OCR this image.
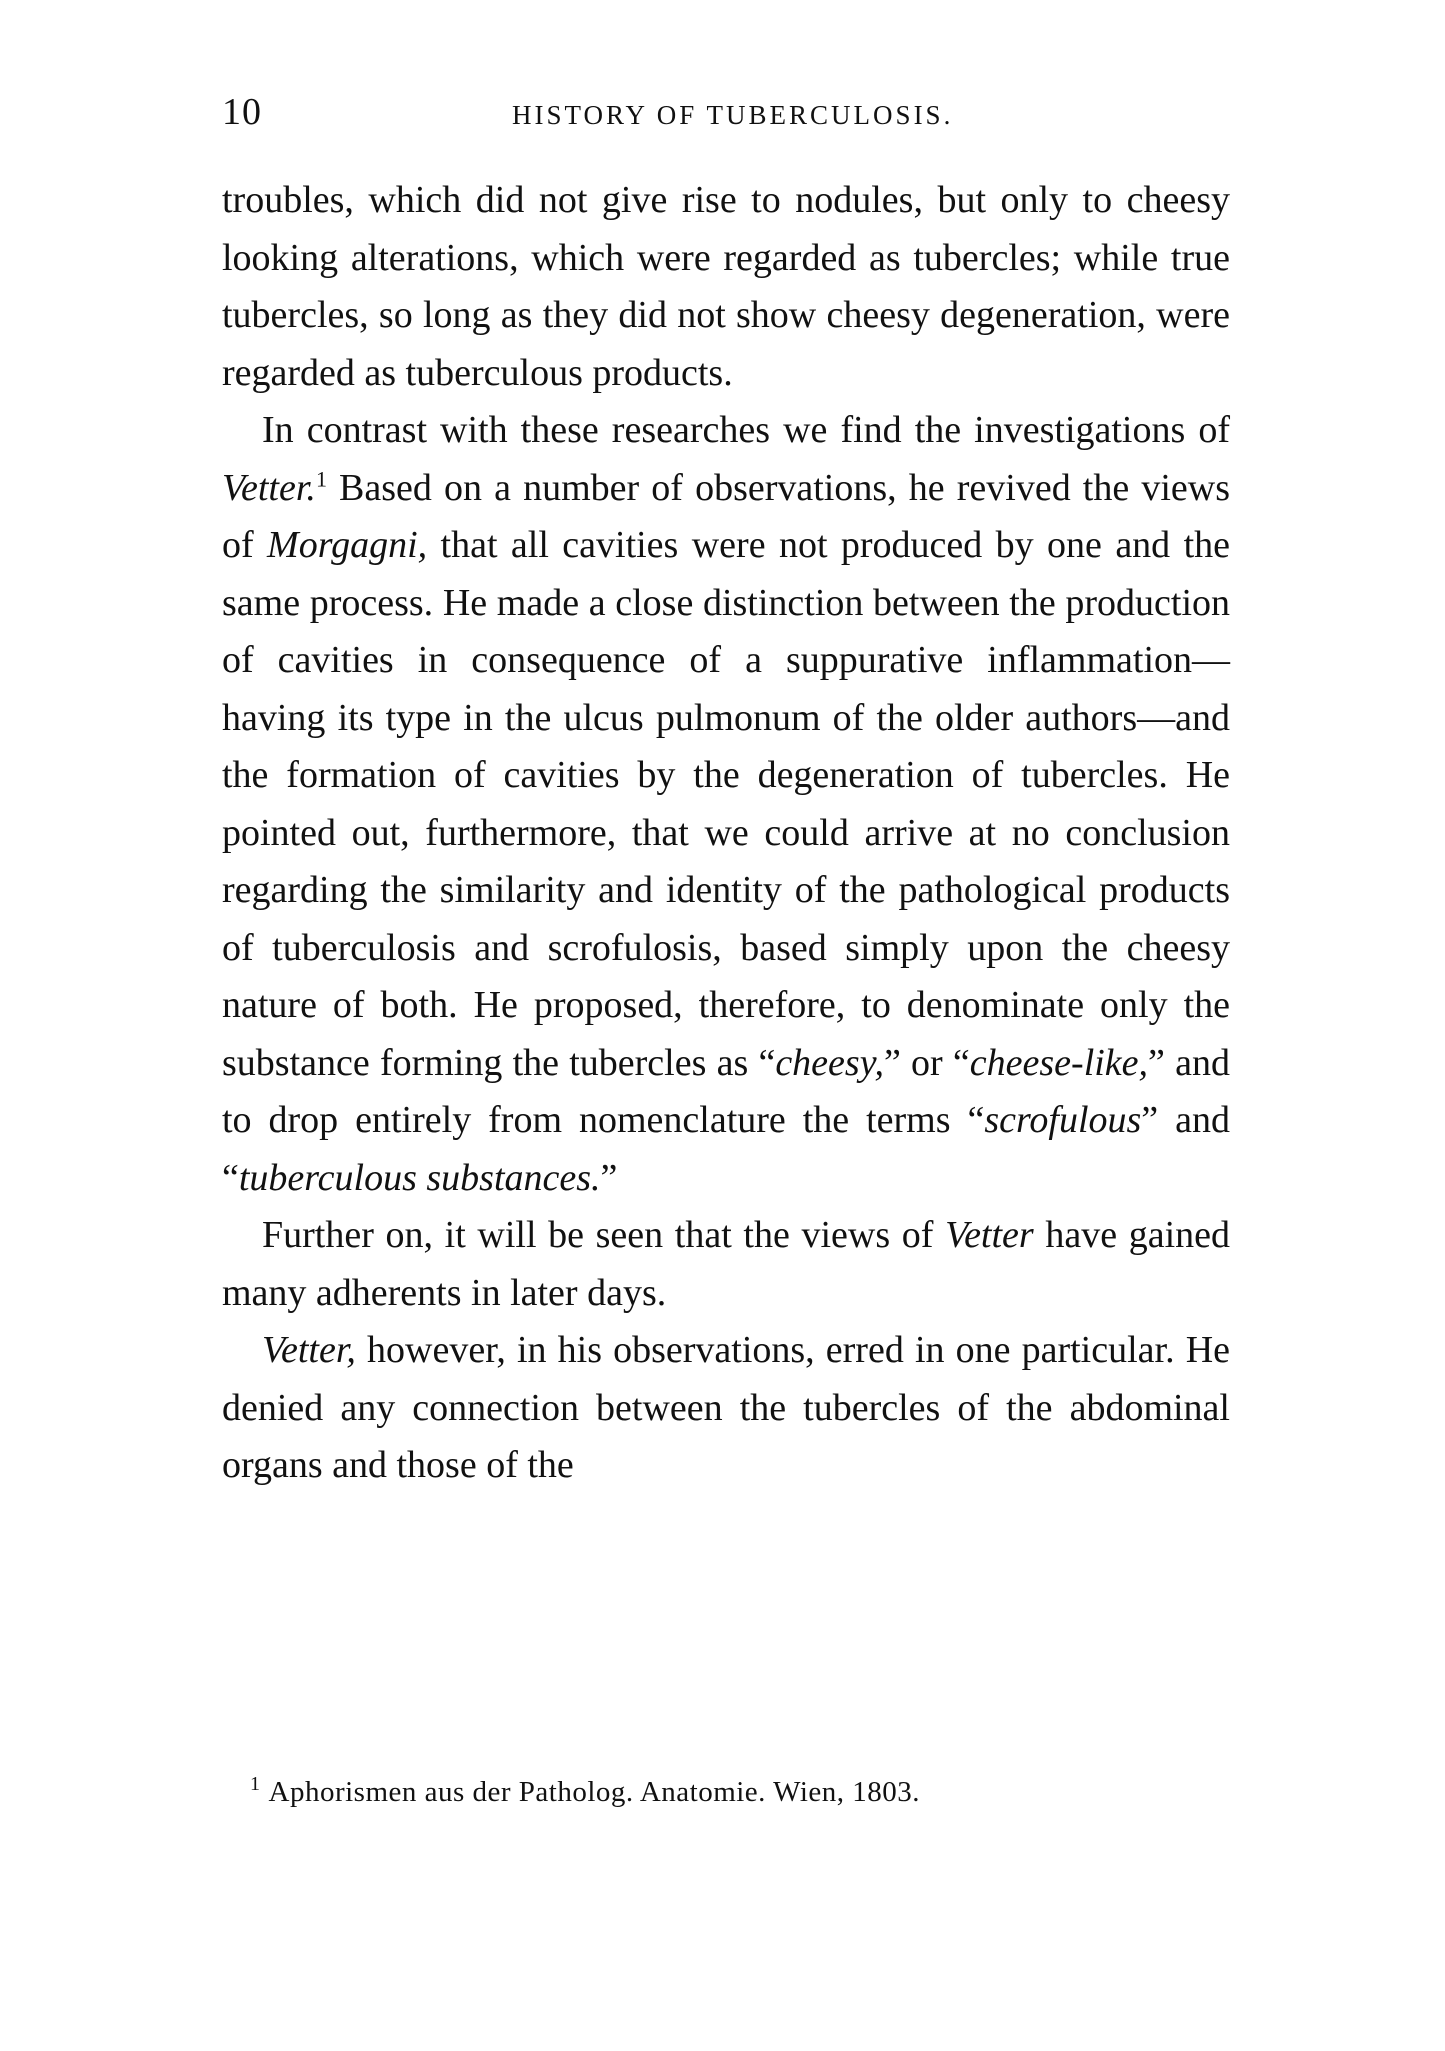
10	HISTORY OF TUBERCULOSIS.

troubles, which did not give rise to nodules, but only to cheesy looking alterations, which were regarded as tubercles; while true tubercles, so long as they did not show cheesy degeneration, were regarded as tuberculous products.

In contrast with these researches we find the investigations of Vetter.$^1$ Based on a number of observations, he revived the views of Morgagni, that all cavities were not produced by one and the same process. He made a close distinction between the production of cavities in consequence of a suppurative inflammation—having its type in the ulcus pulmonum of the older authors—and the formation of cavities by the degeneration of tubercles. He pointed out, furthermore, that we could arrive at no conclusion regarding the similarity and identity of the pathological products of tuberculosis and scrofulosis, based simply upon the cheesy nature of both. He proposed, therefore, to denominate only the substance forming the tubercles as “cheesy,” or “cheese-like,” and to drop entirely from nomenclature the terms “scrofulous” and “tuberculous substances.”

Further on, it will be seen that the views of Vetter have gained many adherents in later days.

Vetter, however, in his observations, erred in one particular. He denied any connection between the tubercles of the abdominal organs and those of the

$^1$ Aphorismen aus der Patholog. Anatomie. Wien, 1803.
